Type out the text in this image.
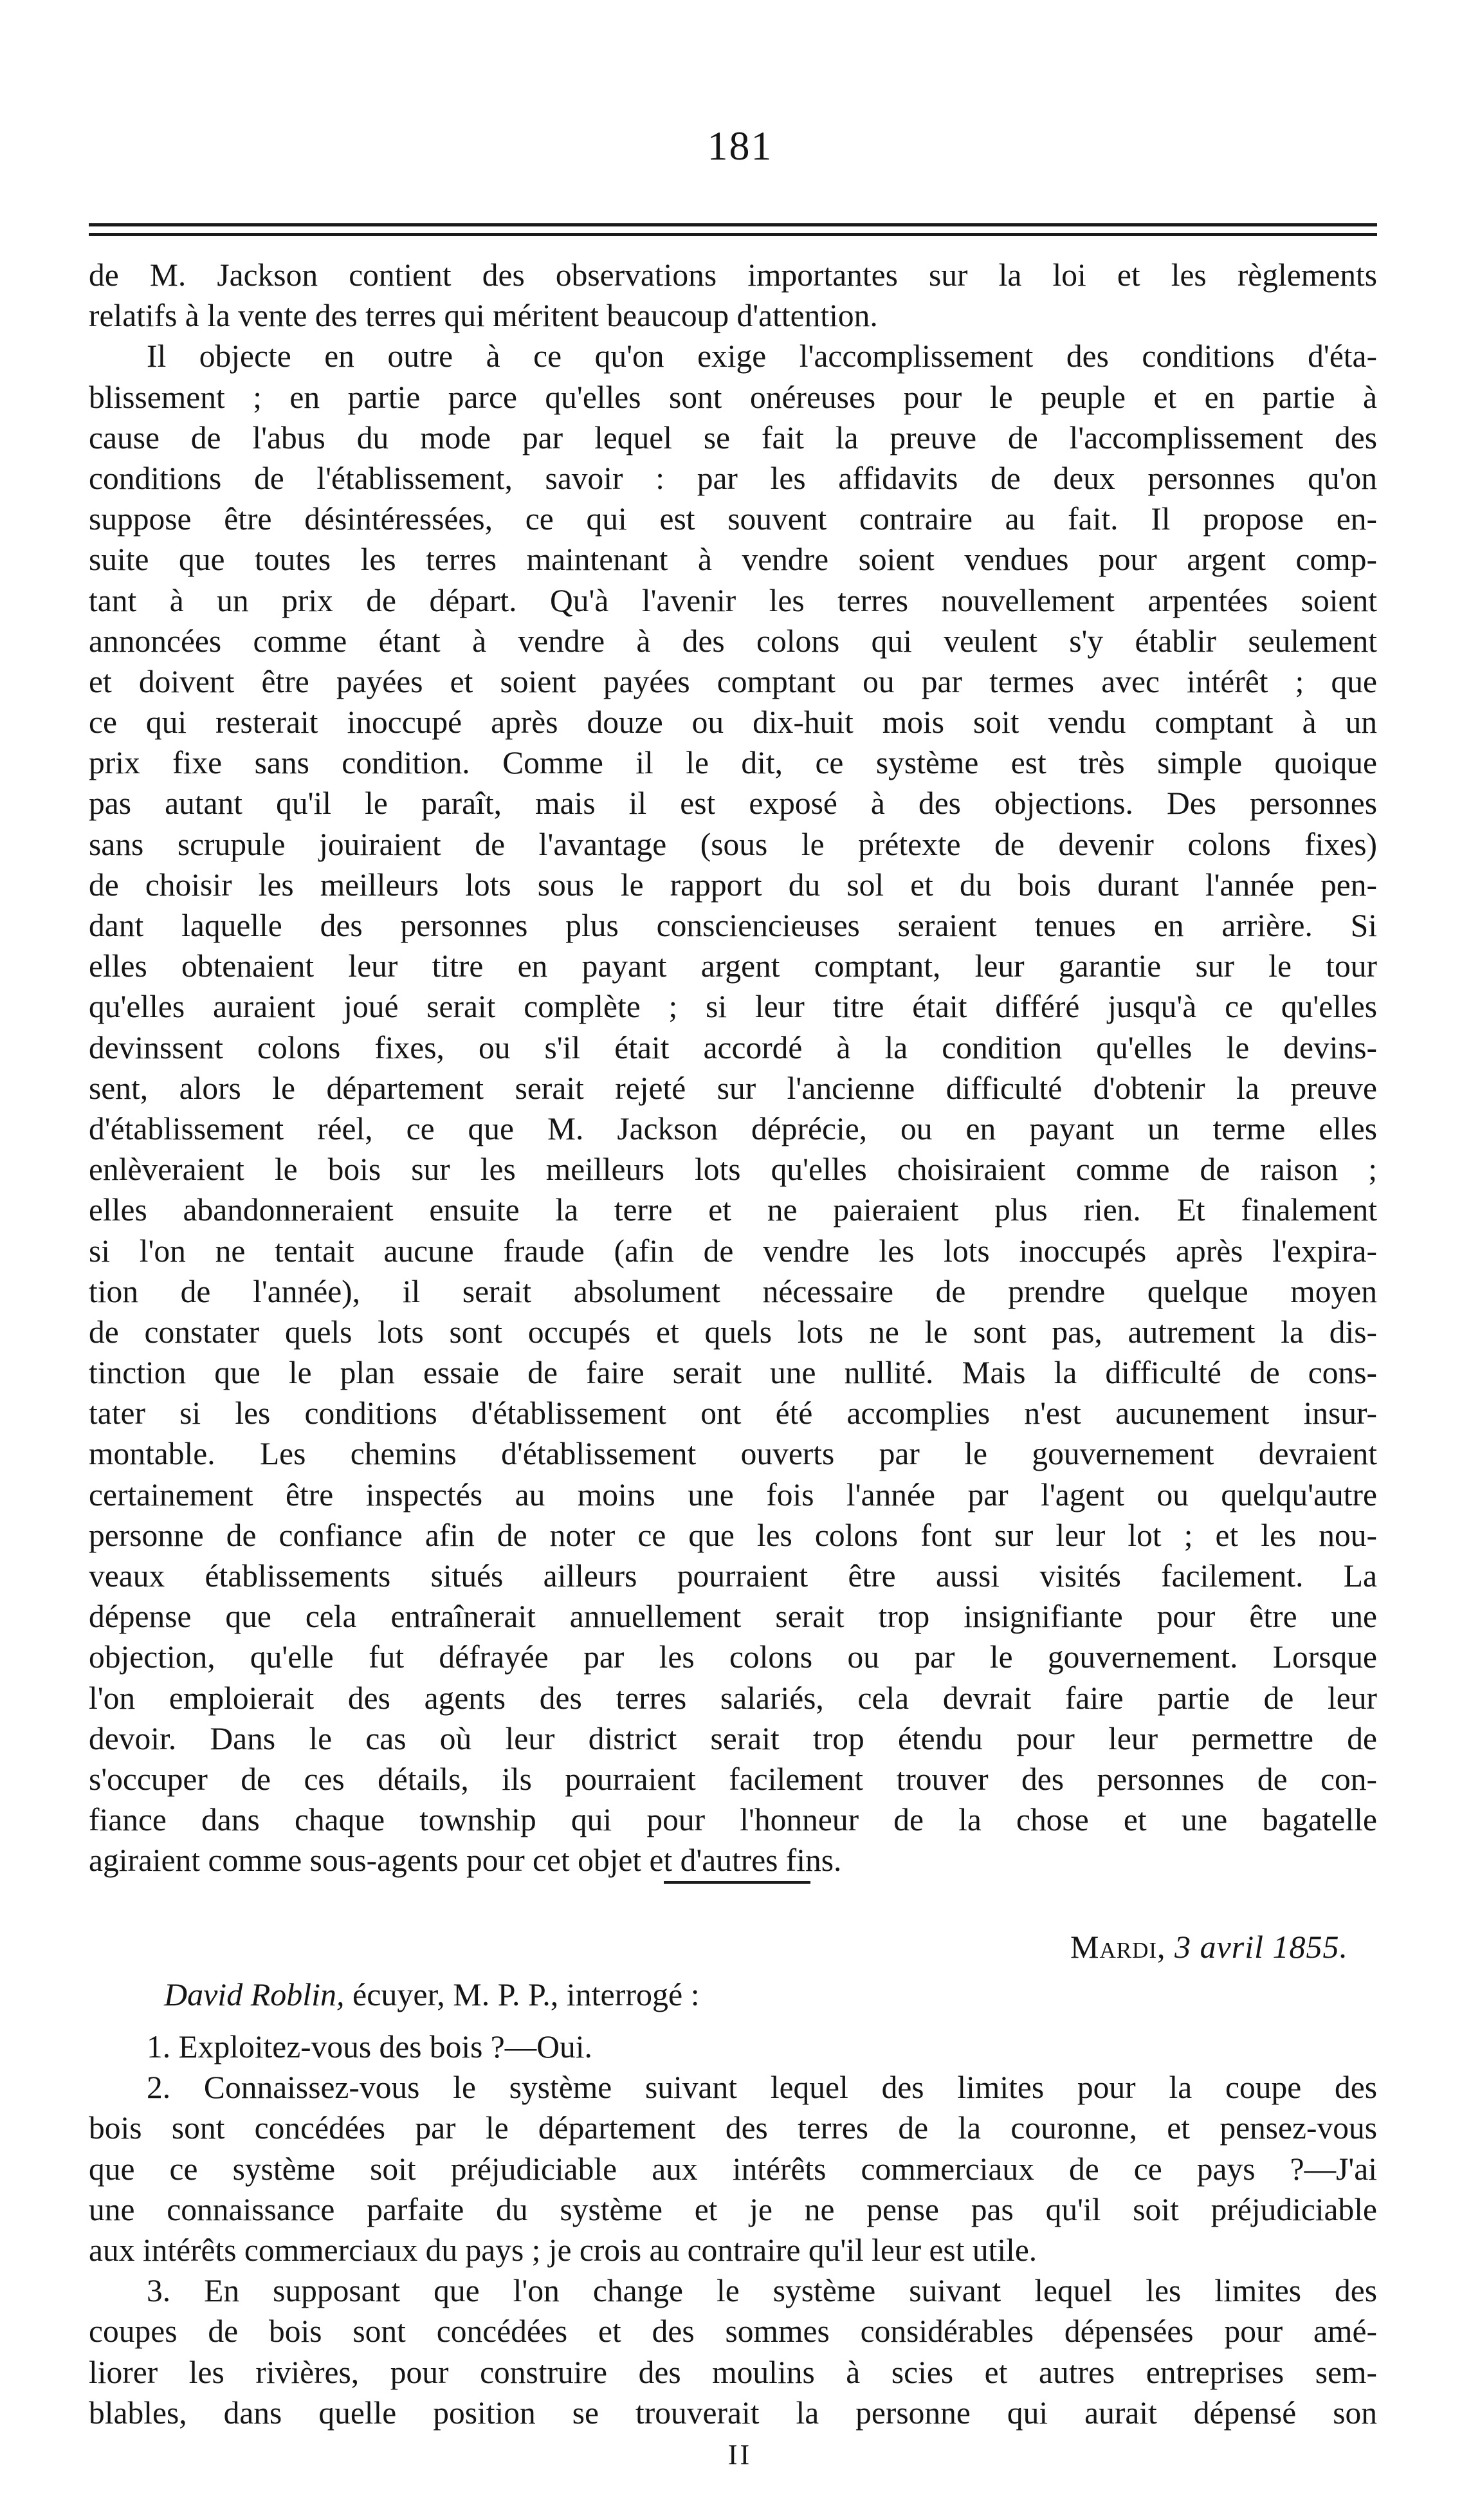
181
de M. Jackson contient des observations importantes sur la loi et les règlements
relatifs à la vente des terres qui méritent beaucoup d'attention.
Il objecte en outre à ce qu'on exige l'accomplissement des conditions d'éta-
blissement ; en partie parce qu'elles sont onéreuses pour le peuple et en partie à
cause de l'abus du mode par lequel se fait la preuve de l'accomplissement des
conditions de l'établissement, savoir : par les affidavits de deux personnes qu'on
suppose être désintéressées, ce qui est souvent contraire au fait. Il propose en-
suite que toutes les terres maintenant à vendre soient vendues pour argent comp-
tant à un prix de départ. Qu'à l'avenir les terres nouvellement arpentées soient
annoncées comme étant à vendre à des colons qui veulent s'y établir seulement
et doivent être payées et soient payées comptant ou par termes avec intérêt ; que
ce qui resterait inoccupé après douze ou dix-huit mois soit vendu comptant à un
prix fixe sans condition. Comme il le dit, ce système est très simple quoique
pas autant qu'il le paraît, mais il est exposé à des objections. Des personnes
sans scrupule jouiraient de l'avantage (sous le prétexte de devenir colons fixes)
de choisir les meilleurs lots sous le rapport du sol et du bois durant l'année pen-
dant laquelle des personnes plus consciencieuses seraient tenues en arrière. Si
elles obtenaient leur titre en payant argent comptant, leur garantie sur le tour
qu'elles auraient joué serait complète ; si leur titre était différé jusqu'à ce qu'elles
devinssent colons fixes, ou s'il était accordé à la condition qu'elles le devins-
sent, alors le département serait rejeté sur l'ancienne difficulté d'obtenir la preuve
d'établissement réel, ce que M. Jackson déprécie, ou en payant un terme elles
enlèveraient le bois sur les meilleurs lots qu'elles choisiraient comme de raison ;
elles abandonneraient ensuite la terre et ne paieraient plus rien. Et finalement
si l'on ne tentait aucune fraude (afin de vendre les lots inoccupés après l'expira-
tion de l'année), il serait absolument nécessaire de prendre quelque moyen
de constater quels lots sont occupés et quels lots ne le sont pas, autrement la dis-
tinction que le plan essaie de faire serait une nullité. Mais la difficulté de cons-
tater si les conditions d'établissement ont été accomplies n'est aucunement insur-
montable. Les chemins d'établissement ouverts par le gouvernement devraient
certainement être inspectés au moins une fois l'année par l'agent ou quelqu'autre
personne de confiance afin de noter ce que les colons font sur leur lot ; et les nou-
veaux établissements situés ailleurs pourraient être aussi visités facilement. La
dépense que cela entraînerait annuellement serait trop insignifiante pour être une
objection, qu'elle fut défrayée par les colons ou par le gouvernement. Lorsque
l'on emploierait des agents des terres salariés, cela devrait faire partie de leur
devoir. Dans le cas où leur district serait trop étendu pour leur permettre de
s'occuper de ces détails, ils pourraient facilement trouver des personnes de con-
fiance dans chaque township qui pour l'honneur de la chose et une bagatelle
agiraient comme sous-agents pour cet objet et d'autres fins.
Mardi, 3 avril 1855.
David Roblin, écuyer, M. P. P., interrogé :
1. Exploitez-vous des bois ?—Oui.
2. Connaissez-vous le système suivant lequel des limites pour la coupe des
bois sont concédées par le département des terres de la couronne, et pensez-vous
que ce système soit préjudiciable aux intérêts commerciaux de ce pays ?—J'ai
une connaissance parfaite du système et je ne pense pas qu'il soit préjudiciable
aux intérêts commerciaux du pays ; je crois au contraire qu'il leur est utile.
3. En supposant que l'on change le système suivant lequel les limites des
coupes de bois sont concédées et des sommes considérables dépensées pour amé-
liorer les rivières, pour construire des moulins à scies et autres entreprises sem-
blables, dans quelle position se trouverait la personne qui aurait dépensé son
II
